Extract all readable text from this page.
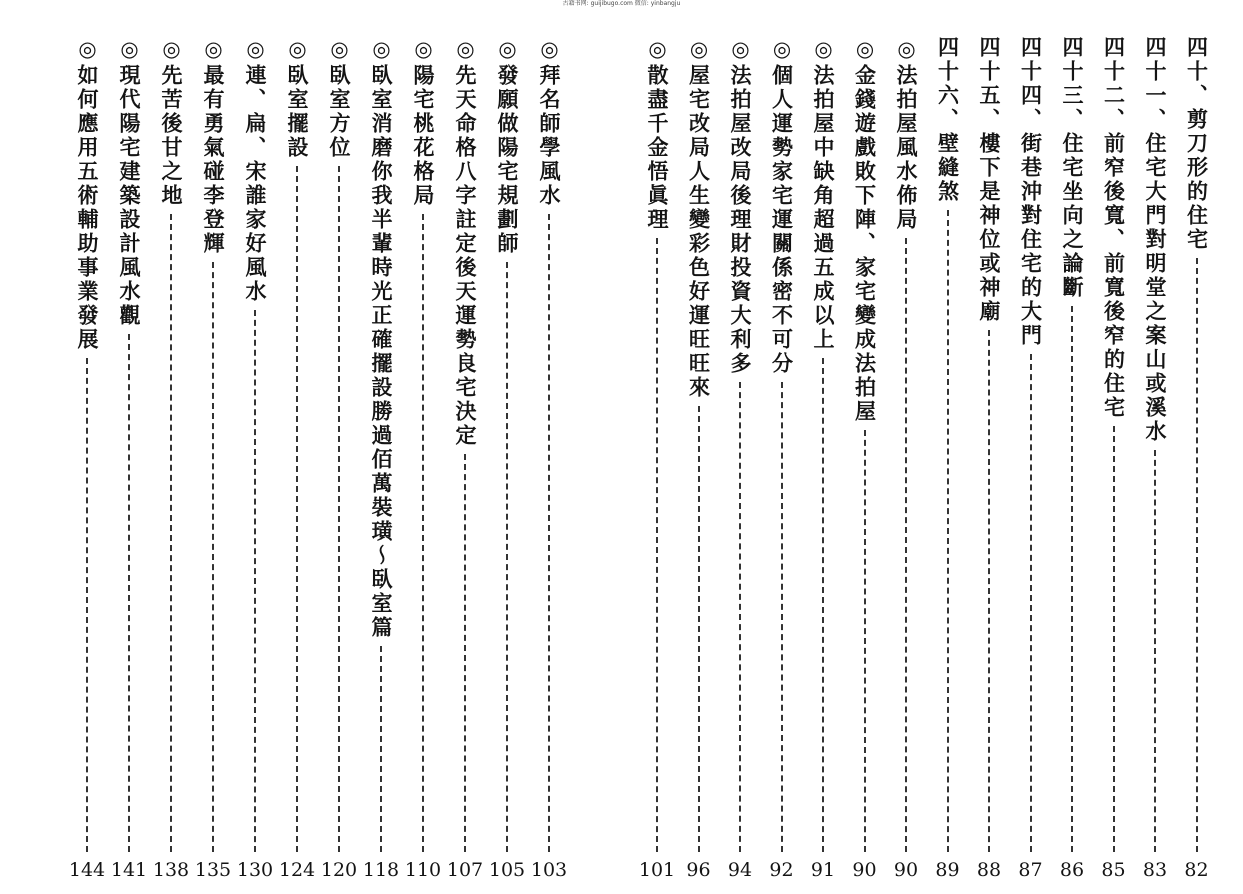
古籍书网: guijibugo.com 微信: yinbangju
◎如何應用五術輔助事業發展
144
◎現代陽宅建築設計風水觀
141
◎先苦後甘之地
138
◎最有勇氣碰李登輝
135
◎連、扁、宋誰家好風水
130
◎臥室擺設
124
◎臥室方位
120
◎臥室消磨你我半輩時光正確擺設勝過佰萬裝璜～臥室篇
118
◎陽宅桃花格局
110
◎先天命格八字註定後天運勢良宅決定
107
◎發願做陽宅規劃師
105
◎拜名師學風水
103
◎散盡千金悟眞理
101
◎屋宅改局人生變彩色好運旺旺來
96
◎法拍屋改局後理財投資大利多
94
◎個人運勢家宅運關係密不可分
92
◎法拍屋中缺角超過五成以上
91
◎金錢遊戲敗下陣、家宅變成法拍屋
90
◎法拍屋風水佈局
90
四十六、壁縫煞
89
四十五、樓下是神位或神廟
88
四十四、街巷沖對住宅的大門
87
四十三、住宅坐向之論斷
86
四十二、前窄後寬、前寬後窄的住宅
85
四十一、住宅大門對明堂之案山或溪水
83
四十、剪刀形的住宅
82
